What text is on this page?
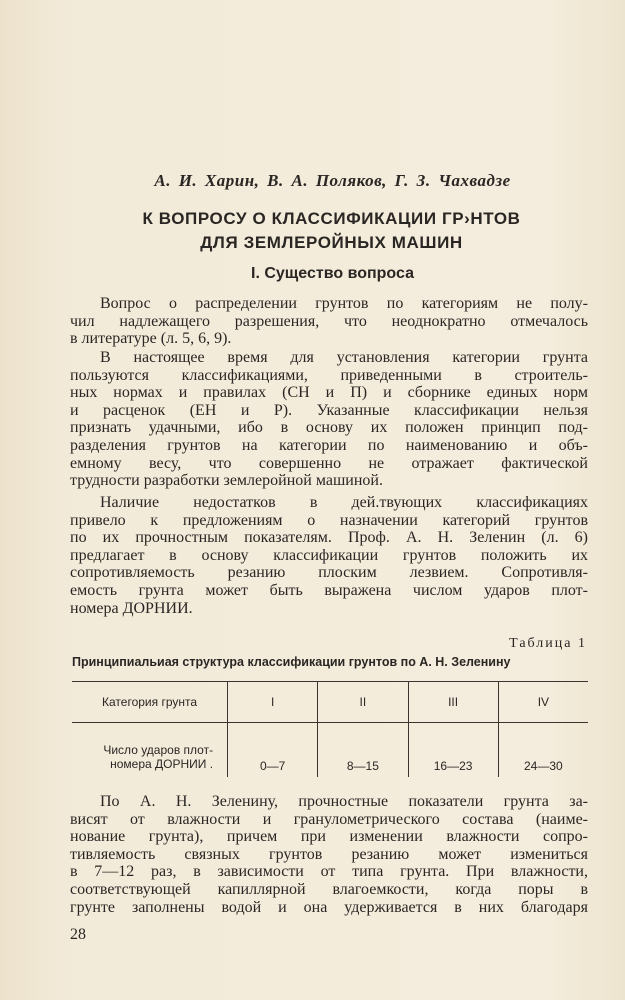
А. И. Харин, В. А. Поляков, Г. З. Чахвадзе
К ВОПРОСУ О КЛАССИФИКАЦИИ ГР›НТОВ
ДЛЯ ЗЕМЛЕРОЙНЫХ МАШИН
I. Существо вопроса
Вопрос о распределении грунтов по категориям не полу-
чил надлежащего разрешения, что неоднократно отмечалось
в литературе (л. 5, 6, 9).
В настоящее время для установления категории грунта
пользуются классификациями, приведенными в строитель-
ных нормах и правилах (СН и П) и сборнике единых норм
и расценок (ЕН и Р). Указанные классификации нельзя
признать удачными, ибо в основу их положен принцип под-
разделения грунтов на категории по наименованию и объ-
емному весу, что совершенно не отражает фактической
трудности разработки землеройной машиной.
Наличие недостатков в дей.твующих классификациях
привело к предложениям о назначении категорий грунтов
по их прочностным показателям. Проф. А. Н. Зеленин (л. 6)
предлагает в основу классификации грунтов положить их
сопротивляемость резанию плоским лезвием. Сопротивля-
емость грунта может быть выражена числом ударов плот-
номера ДОРНИИ.
Таблица 1
Принципиальиая структура классификации грунтов по А. Н. Зеленину
Категория грунта	I	II	III	IV

Число ударов плот-
номера ДОРНИИ .	0—7	8—15	16—23	24—30
По А. Н. Зеленину, прочностные показатели грунта за-
висят от влажности и гранулометрического состава (наиме-
нование грунта), причем при изменении влажности сопро-
тивляемость связных грунтов резанию может измениться
в 7—12 раз, в зависимости от типа грунта. При влажности,
соответствующей капиллярной влагоемкости, когда поры в
грунте заполнены водой и она удерживается в них благодаря
28
